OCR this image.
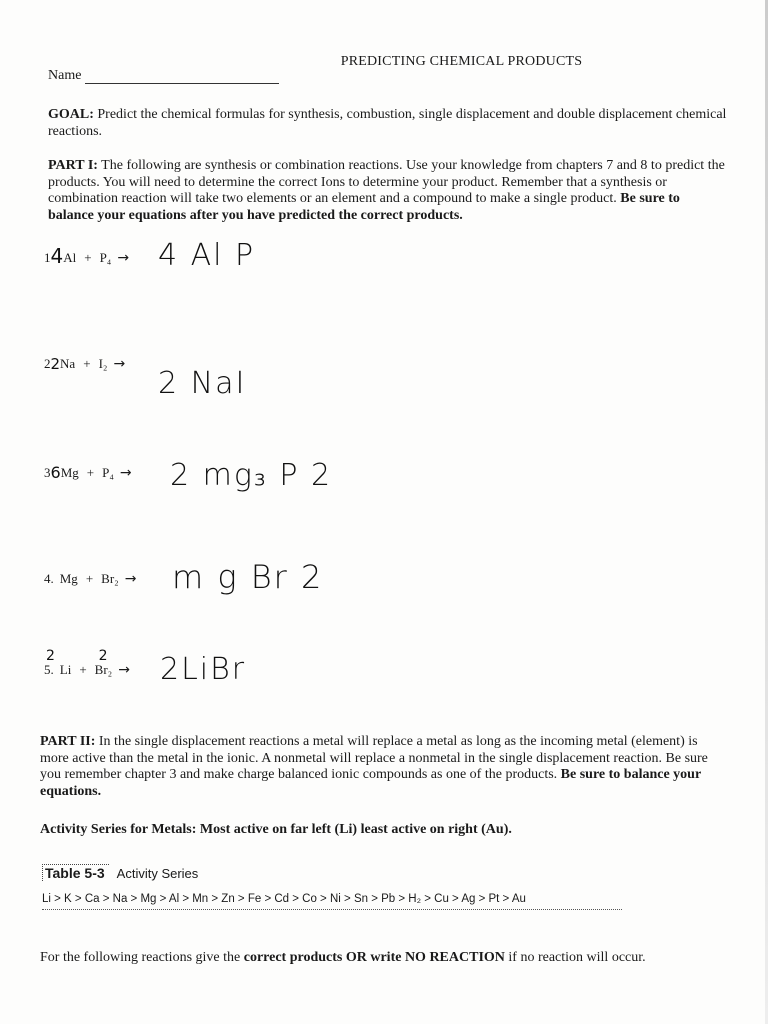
PREDICTING CHEMICAL PRODUCTS
Name
GOAL: Predict the chemical formulas for synthesis, combustion, single displacement and double displacement chemical reactions.
PART I: The following are synthesis or combination reactions. Use your knowledge from chapters 7 and 8 to predict the products. You will need to determine the correct Ions to determine your product. Remember that a synthesis or combination reaction will take two elements or an element and a compound to make a single product. Be sure to balance your equations after you have predicted the correct products.
1 4 Al + P₄ → 4 Al P
2 2 Na + I₂ →
2 NaI
3 6 Mg + P₄ → 2 mg₃ P 2
4. Mg + Br₂ → m g Br 2
2
5. Li +
2
Br₂ → 2LiBr
PART II: In the single displacement reactions a metal will replace a metal as long as the incoming metal (element) is more active than the metal in the ionic. A nonmetal will replace a nonmetal in the single displacement reaction. Be sure you remember chapter 3 and make charge balanced ionic compounds as one of the products. Be sure to balance your equations.
Activity Series for Metals: Most active on far left (Li) least active on right (Au).
Table 5-3 Activity Series
Li > K > Ca > Na > Mg > Al > Mn > Zn > Fe > Cd > Co > Ni > Sn > Pb > H₂ > Cu > Ag > Pt > Au
For the following reactions give the correct products OR write NO REACTION if no reaction will occur.
